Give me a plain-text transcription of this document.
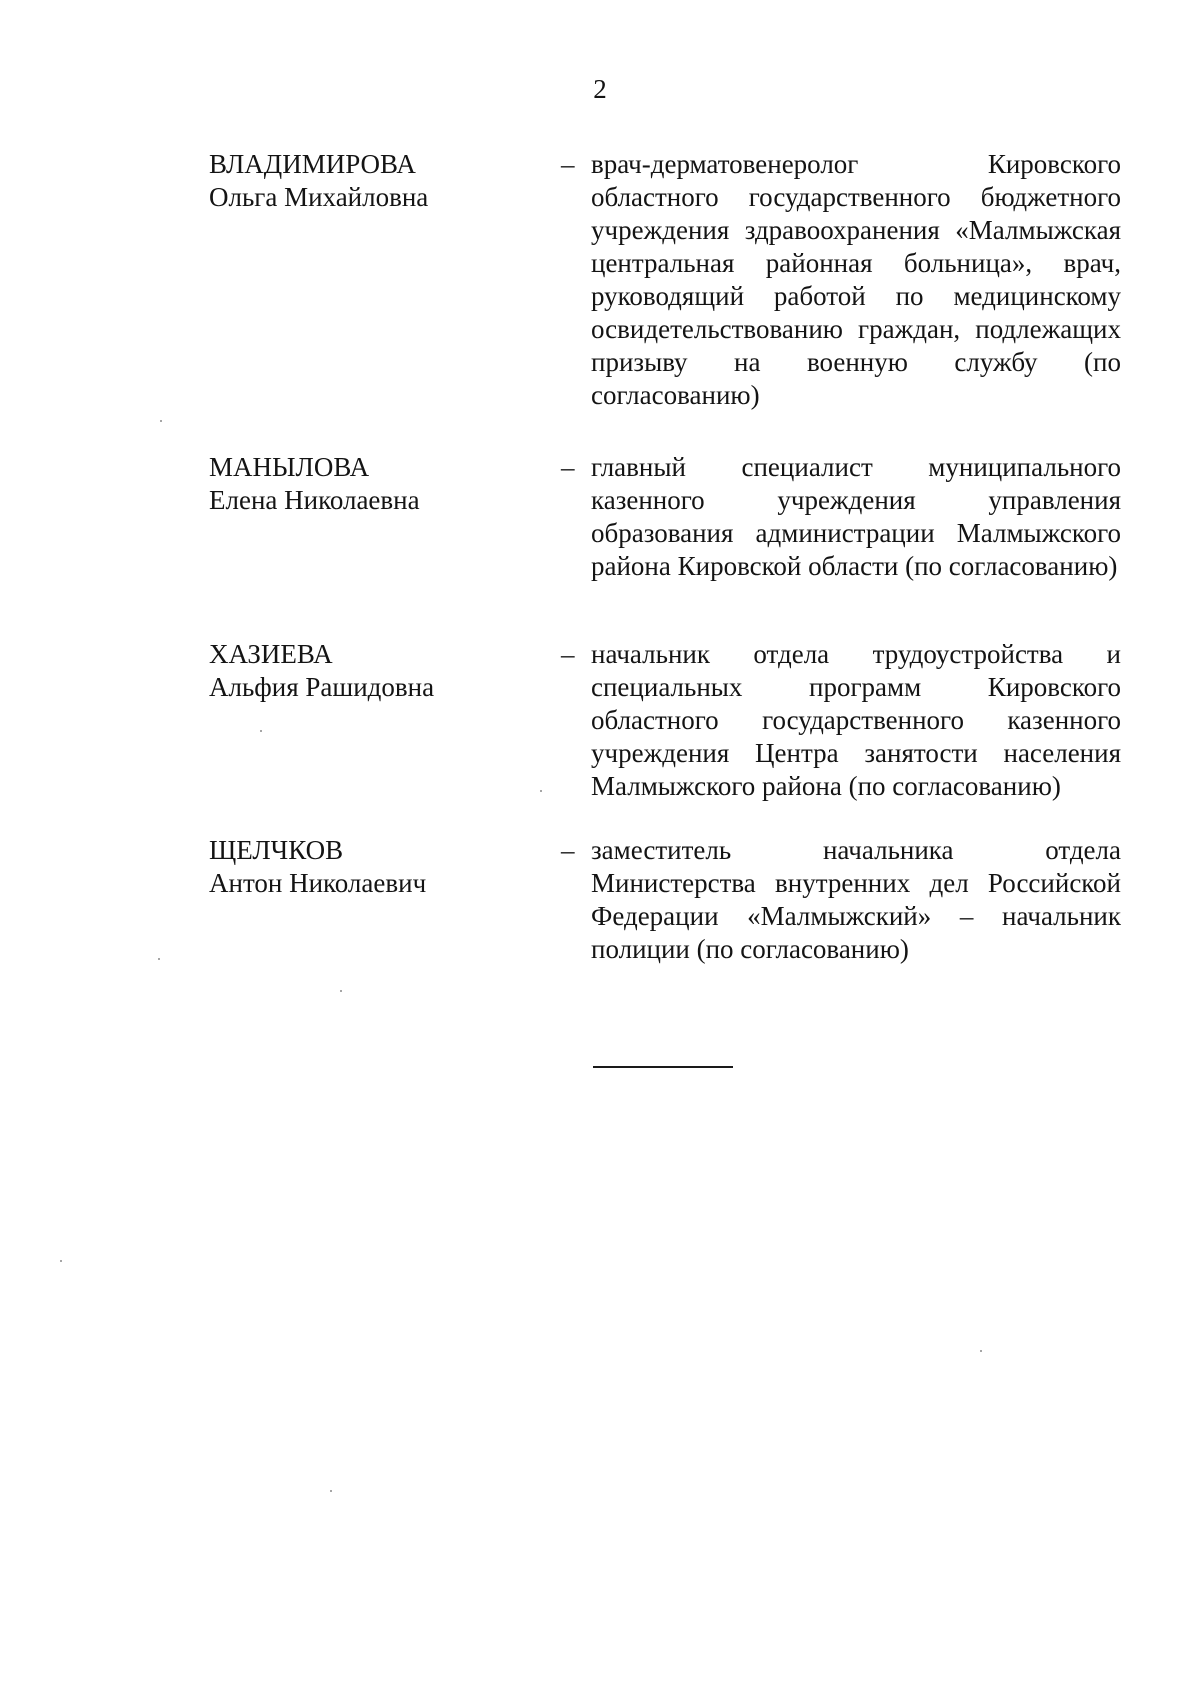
2
ВЛАДИМИРОВА
Ольга Михайловна
– врач-дерматовенеролог Кировского областного государственного бюджетного учреждения здравоохранения «Малмыжская центральная районная больница», врач, руководящий работой по медицинскому освидетельствованию граждан, подлежащих призыву на военную службу (по согласованию)
МАНЫЛОВА
Елена Николаевна
– главный специалист муниципального казенного учреждения управления образования администрации Малмыжского района Кировской области (по согласованию)
ХАЗИЕВА
Альфия Рашидовна
– начальник отдела трудоустройства и специальных программ Кировского областного государственного казенного учреждения Центра занятости населения Малмыжского района (по согласованию)
ЩЕЛЧКОВ
Антон Николаевич
– заместитель начальника отдела Министерства внутренних дел Российской Федерации «Малмыжский» – начальник полиции (по согласованию)
